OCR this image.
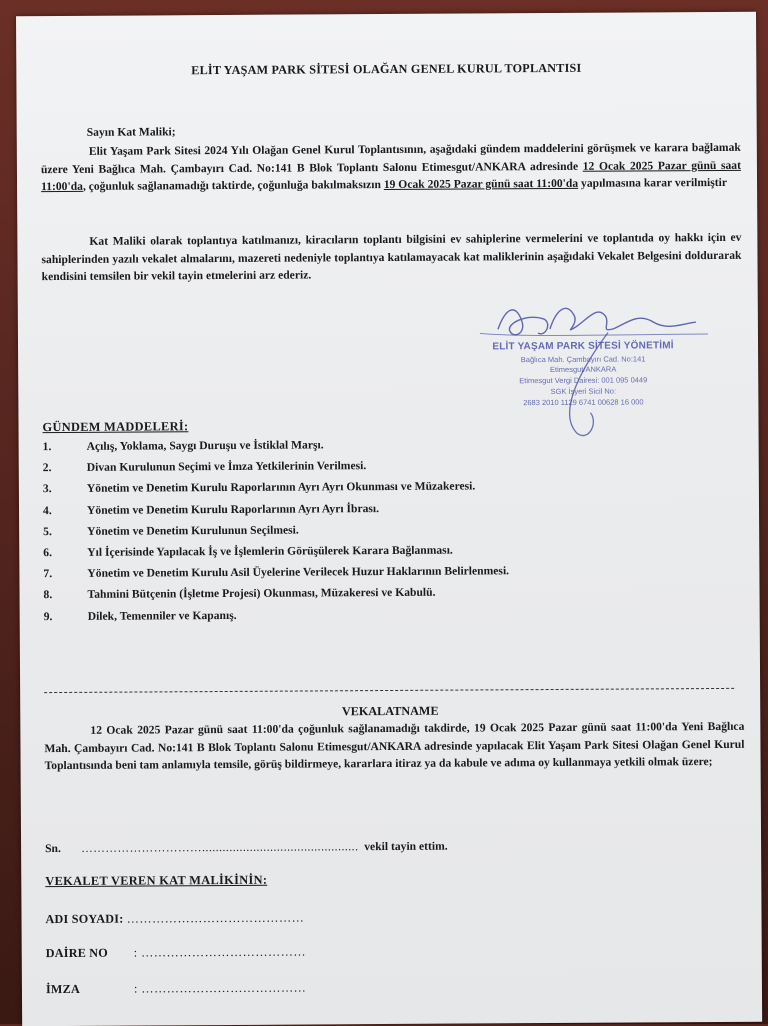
ELİT YAŞAM PARK SİTESİ OLAĞAN GENEL KURUL TOPLANTISI
Sayın Kat Maliki;
Elit Yaşam Park Sitesi 2024 Yılı Olağan Genel Kurul Toplantısının, aşağıdaki gündem maddelerini görüşmek ve karara bağlamak üzere Yeni Bağlıca Mah. Çambayırı Cad. No:141 B Blok Toplantı Salonu Etimesgut/ANKARA adresinde 12 Ocak 2025 Pazar günü saat 11:00'da, çoğunluk sağlanamadığı taktirde, çoğunluğa bakılmaksızın 19 Ocak 2025 Pazar günü saat 11:00'da yapılmasına karar verilmiştir
Kat Maliki olarak toplantıya katılmanızı, kiracıların toplantı bilgisini ev sahiplerine vermelerini ve toplantıda oy hakkı için ev sahiplerinden yazılı vekalet almalarını, mazereti nedeniyle toplantıya katılamayacak kat maliklerinin aşağıdaki Vekalet Belgesini doldurarak kendisini temsilen bir vekil tayin etmelerini arz ederiz.
ELİT YAŞAM PARK SİTESİ YÖNETİMİ
Bağlıca Mah. Çambayırı Cad. No:141
Etimesgut/ANKARA
Etimesgut Vergi Dairesi: 001 095 0449
SGK İşyeri Sicil No:
2683 2010 1129 6741 00628 16 000
GÜNDEM MADDELERİ:
1.	Açılış, Yoklama, Saygı Duruşu ve İstiklal Marşı.
2.	Divan Kurulunun Seçimi ve İmza Yetkilerinin Verilmesi.
3.	Yönetim ve Denetim Kurulu Raporlarının Ayrı Ayrı Okunması ve Müzakeresi.
4.	Yönetim ve Denetim Kurulu Raporlarının Ayrı Ayrı İbrası.
5.	Yönetim ve Denetim Kurulunun Seçilmesi.
6.	Yıl İçerisinde Yapılacak İş ve İşlemlerin Görüşülerek Karara Bağlanması.
7.	Yönetim ve Denetim Kurulu Asil Üyelerine Verilecek Huzur Haklarının Belirlenmesi.
8.	Tahmini Bütçenin (İşletme Projesi) Okunması, Müzakeresi ve Kabulü.
9.	Dilek, Temenniler ve Kapanış.
VEKALATNAME
12 Ocak 2025 Pazar günü saat 11:00'da çoğunluk sağlanamadığı takdirde, 19 Ocak 2025 Pazar günü saat 11:00'da Yeni Bağlıca Mah. Çambayırı Cad. No:141 B Blok Toplantı Salonu Etimesgut/ANKARA adresinde yapılacak Elit Yaşam Park Sitesi Olağan Genel Kurul Toplantısında beni tam anlamıyla temsile, görüş bildirmeye, kararlara itiraz ya da kabule ve adıma oy kullanmaya yetkili olmak üzere;
Sn. ………………………….............................................. vekil tayin ettim.
VEKALET VEREN KAT MALİKİNİN:
ADI SOYADI: ……………………………………
DAİRE NO : …………………………………
İMZA	: …………………………………
